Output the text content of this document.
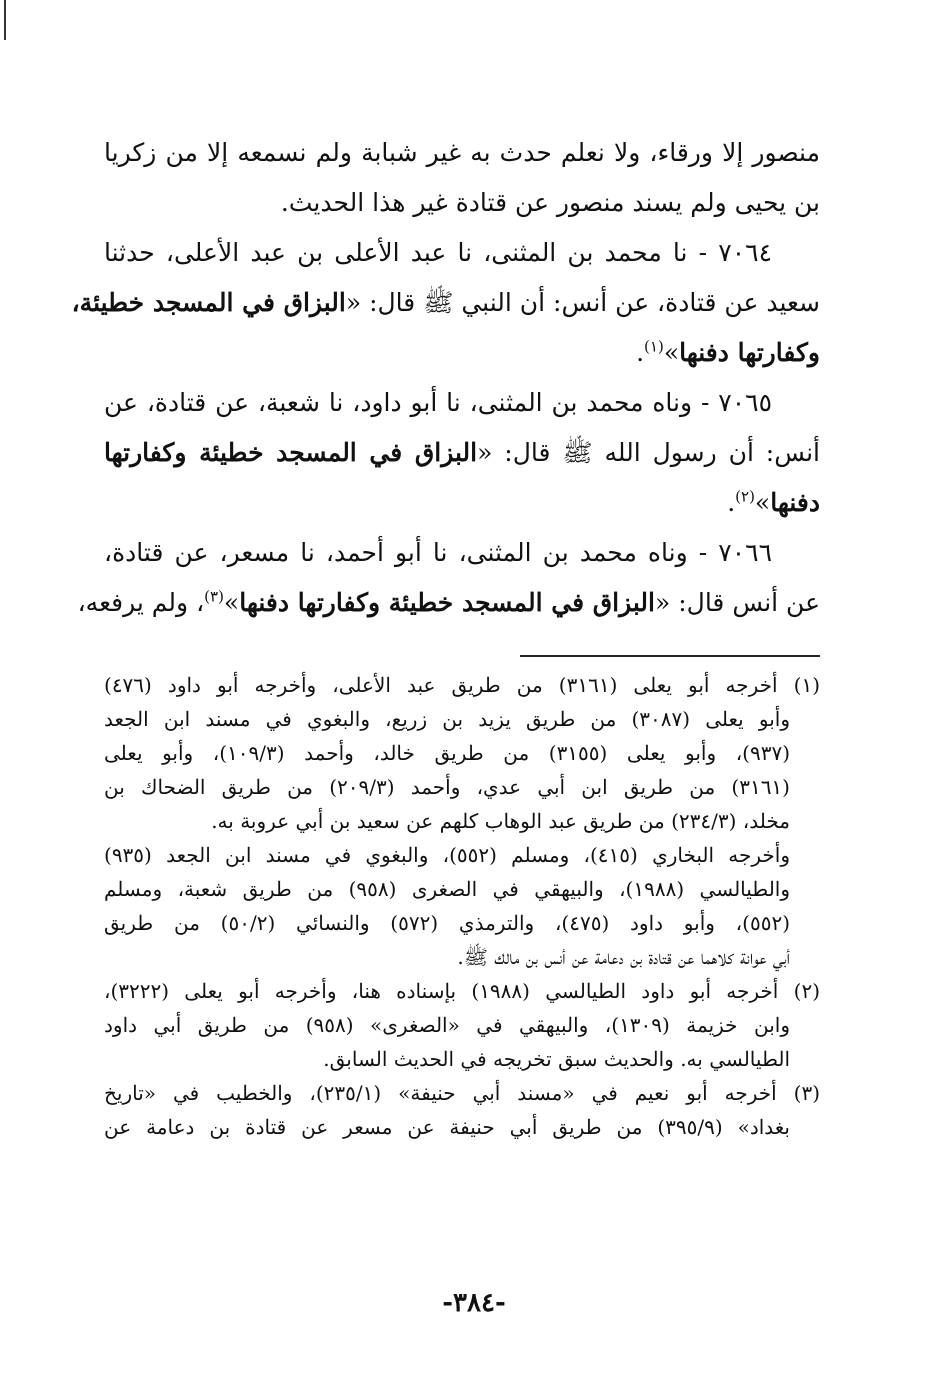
منصور إلا ورقاء، ولا نعلم حدث به غير شبابة ولم نسمعه إلا من زكريا
بن يحيى ولم يسند منصور عن قتادة غير هذا الحديث.
٧٠٦٤ - نا محمد بن المثنى، نا عبد الأعلى بن عبد الأعلى، حدثنا
سعيد عن قتادة، عن أنس: أن النبي ﷺ قال: «البزاق في المسجد خطيئة،
وكفارتها دفنها»$^{(١)}$.
٧٠٦٥ - وناه محمد بن المثنى، نا أبو داود، نا شعبة، عن قتادة، عن
أنس: أن رسول الله ﷺ قال: «البزاق في المسجد خطيئة وكفارتها
دفنها»$^{(٢)}$.
٧٠٦٦ - وناه محمد بن المثنى، نا أبو أحمد، نا مسعر، عن قتادة،
عن أنس قال: «البزاق في المسجد خطيئة وكفارتها دفنها»$^{(٣)}$، ولم يرفعه،
(١) أخرجه أبو يعلى (٣١٦١) من طريق عبد الأعلى، وأخرجه أبو داود (٤٧٦)
وأبو يعلى (٣٠٨٧) من طريق يزيد بن زريع، والبغوي في مسند ابن الجعد
(٩٣٧)، وأبو يعلى (٣١٥٥) من طريق خالد، وأحمد (١٠٩/٣)، وأبو يعلى
(٣١٦١) من طريق ابن أبي عدي، وأحمد (٢٠٩/٣) من طريق الضحاك بن
مخلد، (٢٣٤/٣) من طريق عبد الوهاب كلهم عن سعيد بن أبي عروبة به.
وأخرجه البخاري (٤١٥)، ومسلم (٥٥٢)، والبغوي في مسند ابن الجعد (٩٣٥)
والطيالسي (١٩٨٨)، والبيهقي في الصغرى (٩٥٨) من طريق شعبة، ومسلم
(٥٥٢)، وأبو داود (٤٧٥)، والترمذي (٥٧٢) والنسائي (٥٠/٢) من طريق
أبي عوانة كلاهما عن قتادة بن دعامة عن أنس بن مالك ﷺ.
(٢) أخرجه أبو داود الطيالسي (١٩٨٨) بإسناده هنا، وأخرجه أبو يعلى (٣٢٢٢)،
وابن خزيمة (١٣٠٩)، والبيهقي في «الصغرى» (٩٥٨) من طريق أبي داود
الطيالسي به. والحديث سبق تخريجه في الحديث السابق.
(٣) أخرجه أبو نعيم في «مسند أبي حنيفة» (٢٣٥/١)، والخطيب في «تاريخ
بغداد» (٣٩٥/٩) من طريق أبي حنيفة عن مسعر عن قتادة بن دعامة عن
-٣٨٤-
